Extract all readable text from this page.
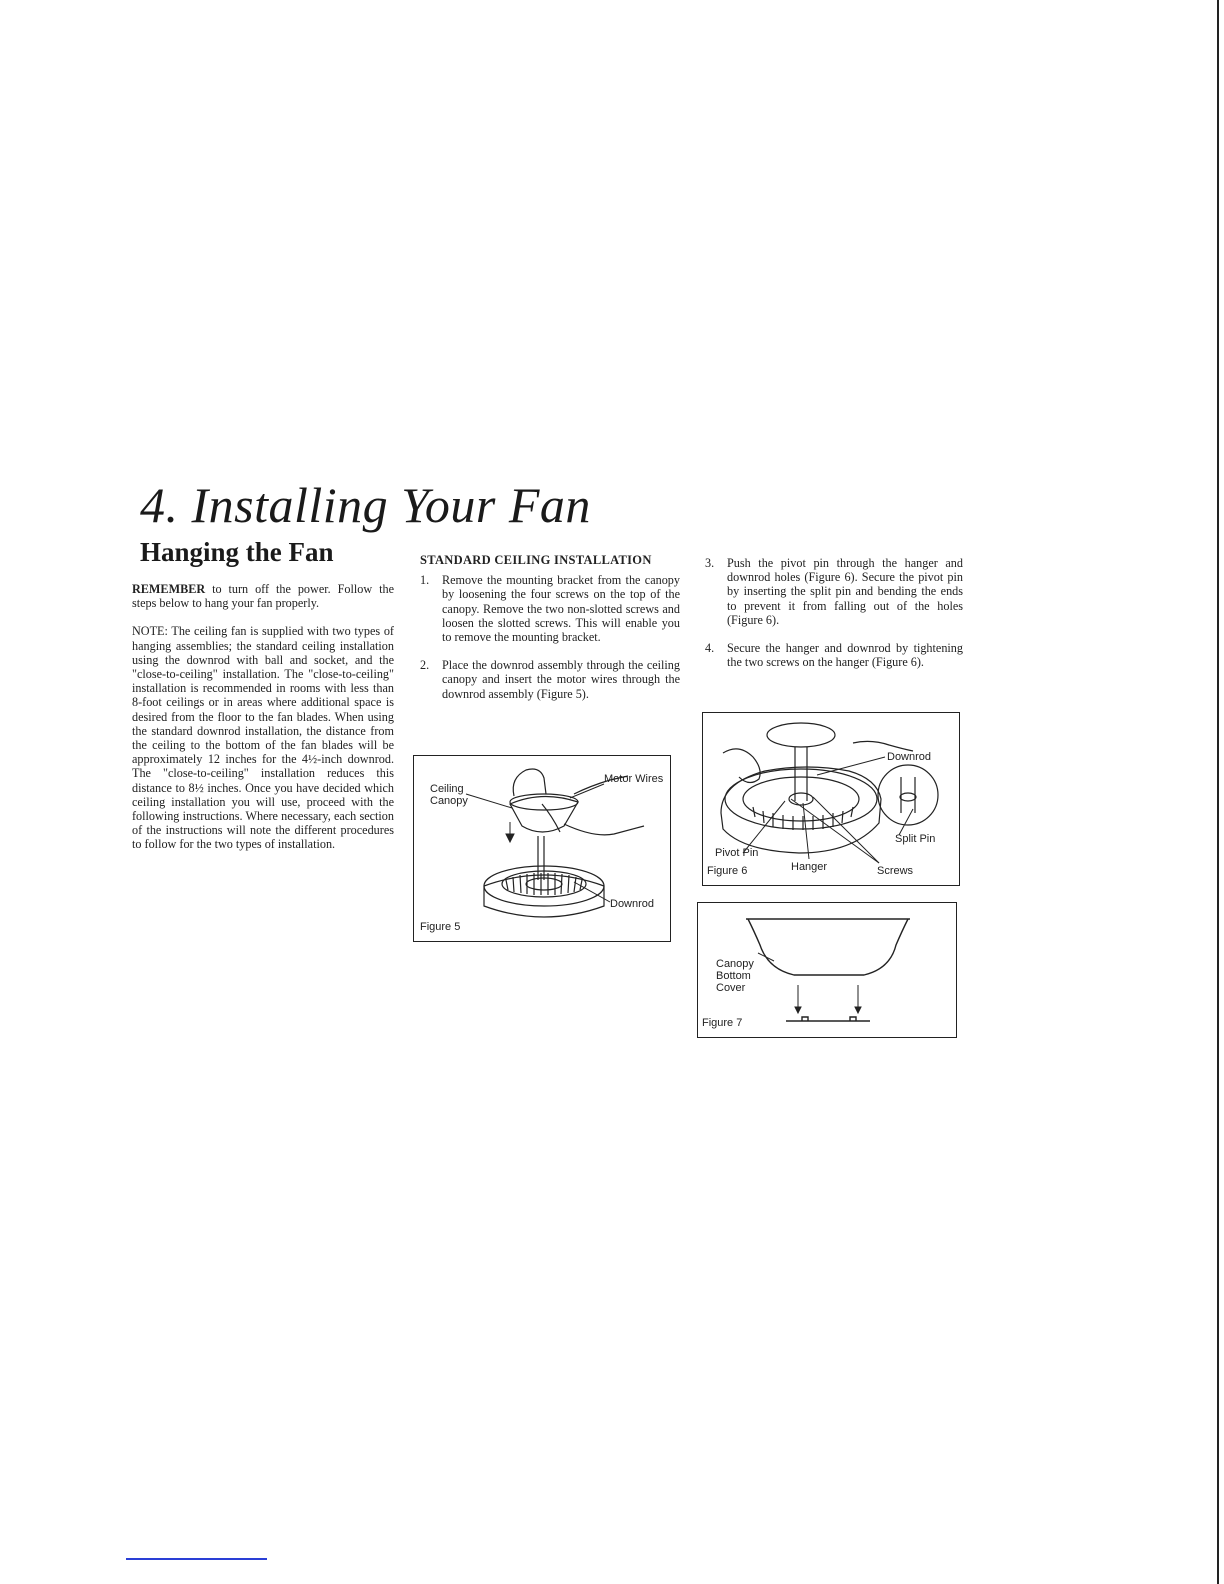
4. Installing Your Fan
Hanging the Fan

REMEMBER to turn off the power. Follow the steps below to hang your fan properly.

NOTE: The ceiling fan is supplied with two types of hanging assemblies; the standard ceiling installation using the downrod with ball and socket, and the "close-to-ceiling" installation. The "close-to-ceiling" installation is recommended in rooms with less than 8-foot ceilings or in areas where additional space is desired from the floor to the fan blades. When using the standard downrod installation, the distance from the ceiling to the bottom of the fan blades will be approximately 12 inches for the 4½-inch downrod. The "close-to-ceiling" installation reduces this distance to 8½ inches. Once you have decided which ceiling installation you will use, proceed with the following instructions. Where necessary, each section of the instructions will note the different procedures to follow for the two types of installation.

STANDARD CEILING INSTALLATION
1.	Remove the mounting bracket from the canopy by loosening the four screws on the top of the canopy. Remove the two non-slotted screws and loosen the slotted screws. This will enable you to remove the mounting bracket.
2.	Place the downrod assembly through the ceiling canopy and insert the motor wires through the downrod assembly (Figure 5).
3.	Push the pivot pin through the hanger and downrod holes (Figure 6). Secure the pivot pin by inserting the split pin and bending the ends to prevent it from falling out of the holes (Figure 6).
4.	Secure the hanger and downrod by tightening the two screws on the hanger (Figure 6).
Ceiling
Canopy
Motor Wires
Downrod
Figure 5
Downrod
Split Pin
Pivot Pin
Hanger	Screws
Figure 6
Canopy
Bottom
Cover
Figure 7
